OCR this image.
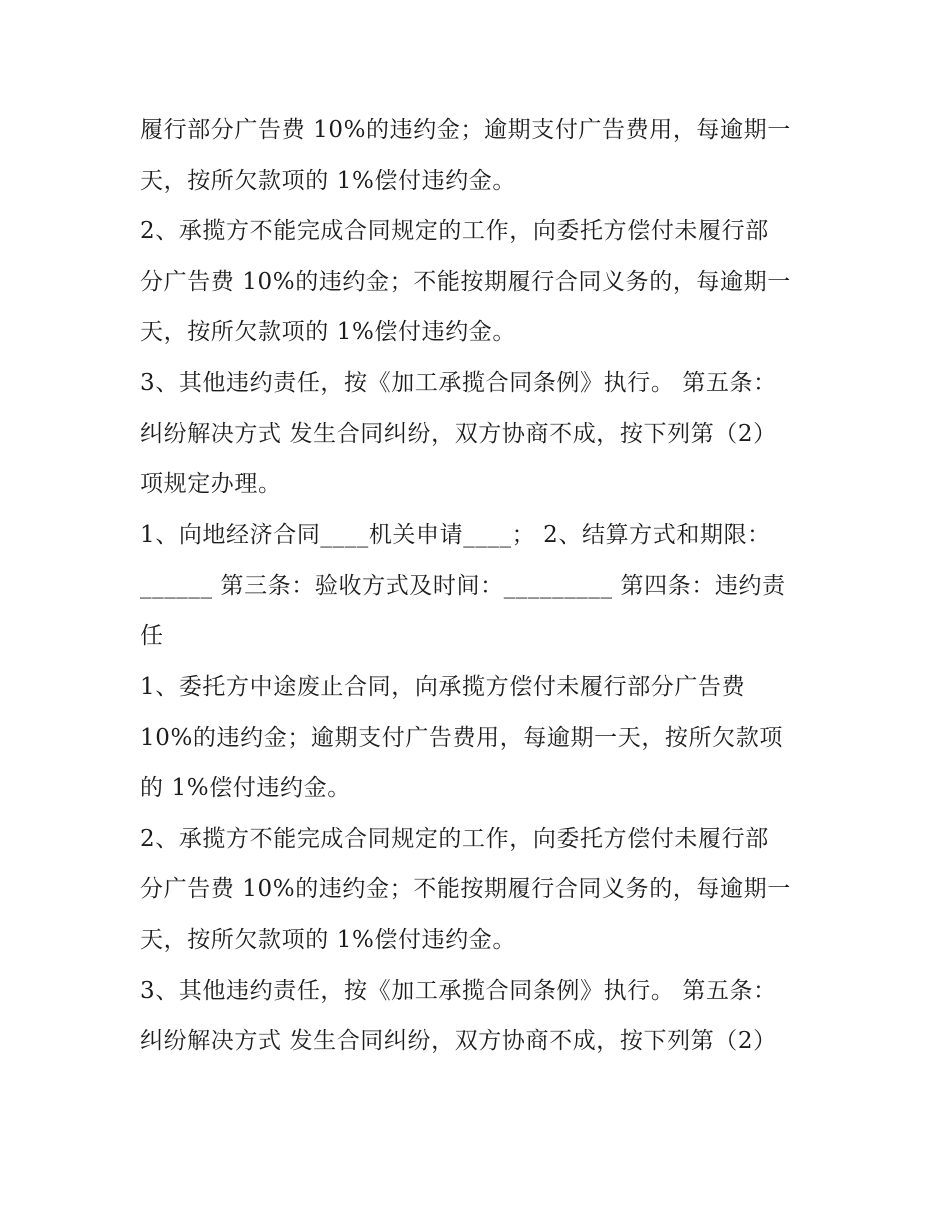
履行部分广告费 10%的违约金；逾期支付广告费用，每逾期一
天，按所欠款项的 1%偿付违约金。
2、承揽方不能完成合同规定的工作，向委托方偿付未履行部
分广告费 10%的违约金；不能按期履行合同义务的，每逾期一
天，按所欠款项的 1%偿付违约金。
3、其他违约责任，按《加工承揽合同条例》执行。 第五条：
纠纷解决方式 发生合同纠纷，双方协商不成，按下列第（2）
项规定办理。
1、向地经济合同____机关申请____； 2、结算方式和期限：
______ 第三条：验收方式及时间：_________ 第四条：违约责
任
1、委托方中途废止合同，向承揽方偿付未履行部分广告费
10%的违约金；逾期支付广告费用，每逾期一天，按所欠款项
的 1%偿付违约金。
2、承揽方不能完成合同规定的工作，向委托方偿付未履行部
分广告费 10%的违约金；不能按期履行合同义务的，每逾期一
天，按所欠款项的 1%偿付违约金。
3、其他违约责任，按《加工承揽合同条例》执行。 第五条：
纠纷解决方式 发生合同纠纷，双方协商不成，按下列第（2）
